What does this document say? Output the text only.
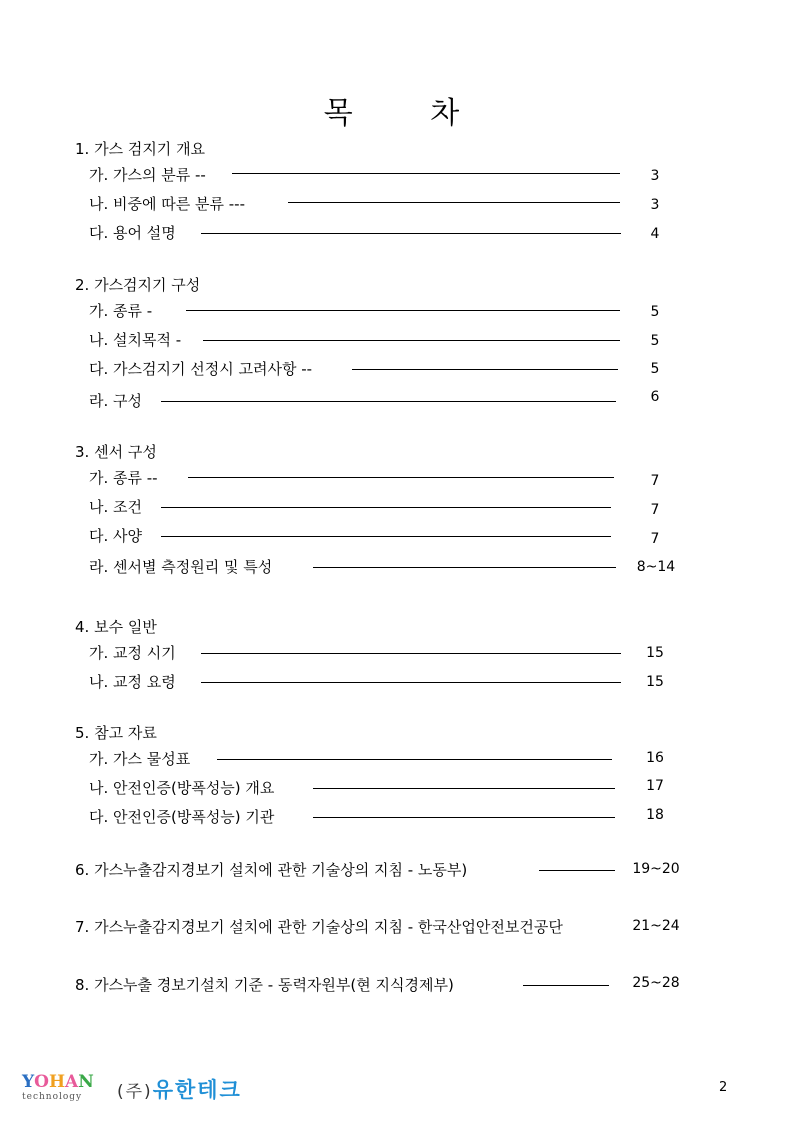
목 차
1. 가스 검지기 개요
가. 가스의 분류 --	3
나. 비중에 따른 분류 ---	3
다. 용어 설명	4
2. 가스검지기 구성
가. 종류 -	5
나. 설치목적 -	5
다. 가스검지기 선정시 고려사항 --	5
라. 구성	6
3. 센서 구성
가. 종류 --	7
나. 조건	7
다. 사양	7
라. 센서별 측정원리 및 특성	8~14
4. 보수 일반
가. 교정 시기	15
나. 교정 요령	15
5. 참고 자료
가. 가스 물성표	16
나. 안전인증(방폭성능) 개요	17
다. 안전인증(방폭성능) 기관	18
6. 가스누출감지경보기 설치에 관한 기술상의 지침 - 노동부)	19~20
7. 가스누출감지경보기 설치에 관한 기술상의 지침 - 한국산업안전보건공단	21~24
8. 가스누출 경보기설치 기준 - 동력자원부(현 지식경제부)	25~28
YOHAN
technology (주)유한테크	2
